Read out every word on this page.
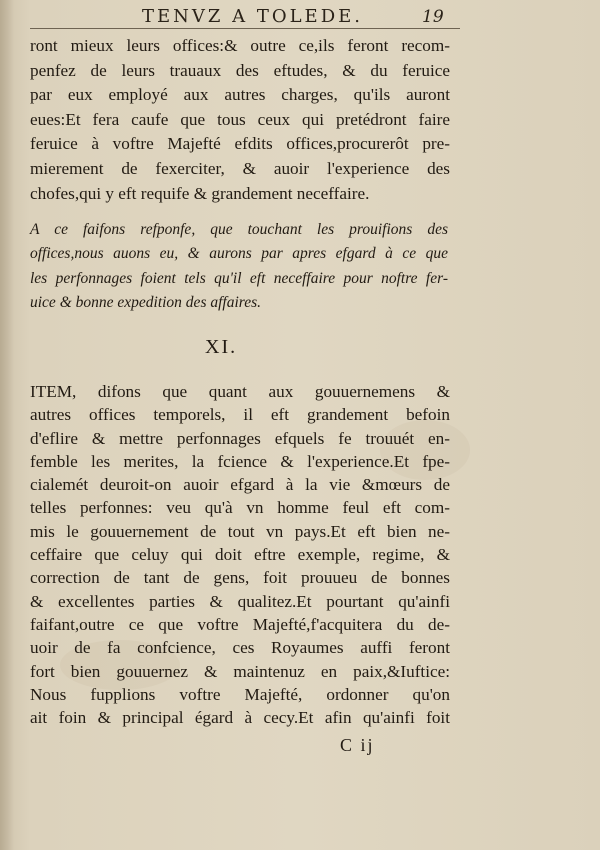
TENVZ A TOLEDE.	19
ront mieux leurs offices:& outre ce,ils feront recom-
penfez de leurs trauaux des eftudes, & du feruice
par eux employé aux autres charges, qu'ils auront
eues:Et fera caufe que tous ceux qui pretédront faire
feruice à voftre Majefté efdits offices,procurerôt pre-
mierement de fexerciter, & auoir l'experience des
chofes,qui y eft requife & grandement neceffaire.
A ce faifons refponfe, que touchant les prouifions des
offices,nous auons eu, & aurons par apres efgard à ce que
les perfonnages foient tels qu'il eft neceffaire pour noftre fer-
uice & bonne expedition des affaires.
XI.
ITEM, difons que quant aux gouuernemens &
autres offices temporels, il eft grandement befoin
d'eflire & mettre perfonnages efquels fe trouuét en-
femble les merites, la fcience & l'experience.Et fpe-
cialemét deuroit-on auoir efgard à la vie &mœurs de
telles perfonnes: veu qu'à vn homme feul eft com-
mis le gouuernement de tout vn pays.Et eft bien ne-
ceffaire que celuy qui doit eftre exemple, regime, &
correction de tant de gens, foit prouueu de bonnes
& excellentes parties & qualitez.Et pourtant qu'ainfi
faifant,outre ce que voftre Majefté,f'acquitera du de-
uoir de fa confcience, ces Royaumes auffi feront
fort bien gouuernez & maintenuz en paix,&Iuftice:
Nous fupplions voftre Majefté, ordonner qu'on
ait foin & principal égard à cecy.Et afin qu'ainfi foit
C ij
